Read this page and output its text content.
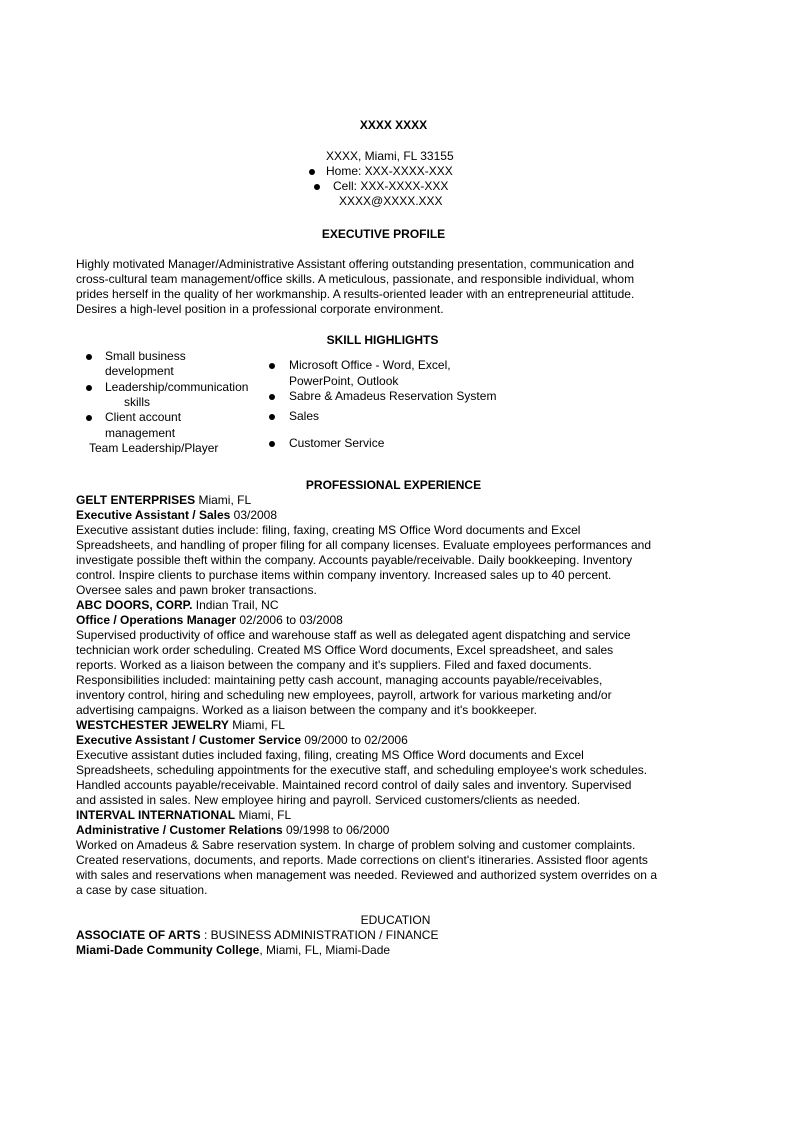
XXXX XXXX
XXXX, Miami, FL 33155
Home: XXX-XXXX-XXX
Cell: XXX-XXXX-XXX
XXXX@XXXX.XXX
EXECUTIVE PROFILE
Highly motivated Manager/Administrative Assistant offering outstanding presentation, communication and
cross-cultural team management/office skills. A meticulous, passionate, and responsible individual, whom
prides herself in the quality of her workmanship. A results-oriented leader with an entrepreneurial attitude.
Desires a high-level position in a professional corporate environment.
SKILL HIGHLIGHTS
Small business
development
Leadership/communication
skills
Client account
management
Team Leadership/Player
Microsoft Office - Word, Excel,
PowerPoint, Outlook
Sabre & Amadeus Reservation System
Sales
Customer Service
PROFESSIONAL EXPERIENCE
GELT ENTERPRISES Miami, FL
Executive Assistant / Sales 03/2008
Executive assistant duties include: filing, faxing, creating MS Office Word documents and Excel
Spreadsheets, and handling of proper filing for all company licenses. Evaluate employees performances and
investigate possible theft within the company. Accounts payable/receivable. Daily bookkeeping. Inventory
control. Inspire clients to purchase items within company inventory. Increased sales up to 40 percent.
Oversee sales and pawn broker transactions.
ABC DOORS, CORP. Indian Trail, NC
Office / Operations Manager 02/2006 to 03/2008
Supervised productivity of office and warehouse staff as well as delegated agent dispatching and service
technician work order scheduling. Created MS Office Word documents, Excel spreadsheet, and sales
reports. Worked as a liaison between the company and it's suppliers. Filed and faxed documents.
Responsibilities included: maintaining petty cash account, managing accounts payable/receivables,
inventory control, hiring and scheduling new employees, payroll, artwork for various marketing and/or
advertising campaigns. Worked as a liaison between the company and it's bookkeeper.
WESTCHESTER JEWELRY Miami, FL
Executive Assistant / Customer Service 09/2000 to 02/2006
Executive assistant duties included faxing, filing, creating MS Office Word documents and Excel
Spreadsheets, scheduling appointments for the executive staff, and scheduling employee's work schedules.
Handled accounts payable/receivable. Maintained record control of daily sales and inventory. Supervised
and assisted in sales. New employee hiring and payroll. Serviced customers/clients as needed.
INTERVAL INTERNATIONAL Miami, FL
Administrative / Customer Relations 09/1998 to 06/2000
Worked on Amadeus & Sabre reservation system. In charge of problem solving and customer complaints.
Created reservations, documents, and reports. Made corrections on client's itineraries. Assisted floor agents
with sales and reservations when management was needed. Reviewed and authorized system overrides on a
a case by case situation.
EDUCATION
ASSOCIATE OF ARTS : BUSINESS ADMINISTRATION / FINANCE
Miami-Dade Community College, Miami, FL, Miami-Dade
